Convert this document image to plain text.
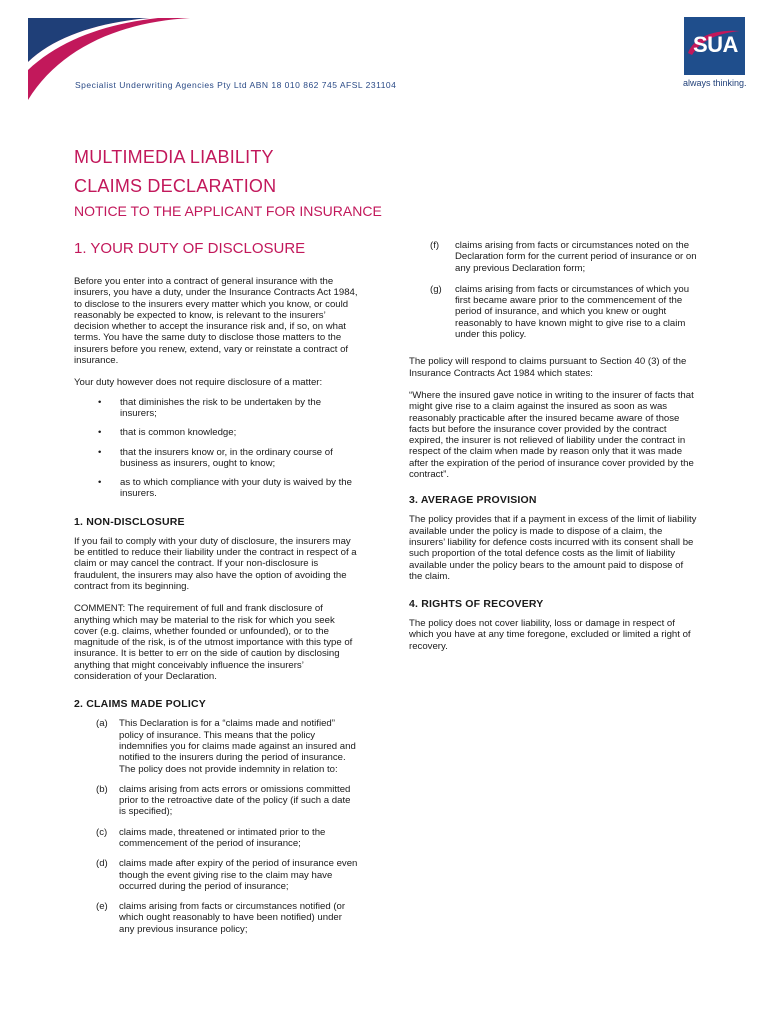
Specialist Underwriting Agencies Pty Ltd ABN 18 010 862 745 AFSL 231104
SUA
always thinking.
MULTIMEDIA LIABILITY
CLAIMS DECLARATION
NOTICE TO THE APPLICANT FOR INSURANCE
1. YOUR DUTY OF DISCLOSURE

Before you enter into a contract of general insurance with the insurers, you have a duty, under the Insurance Contracts Act 1984, to disclose to the insurers every matter which you know, or could reasonably be expected to know, is relevant to the insurers’ decision whether to accept the insurance risk and, if so, on what terms. You have the same duty to disclose those matters to the insurers before you renew, extend, vary or reinstate a contract of insurance.

Your duty however does not require disclosure of a matter:

• that diminishes the risk to be undertaken by the insurers;
• that is common knowledge;
• that the insurers know or, in the ordinary course of business as insurers, ought to know;
• as to which compliance with your duty is waived by the insurers.
1. NON-DISCLOSURE

If you fail to comply with your duty of disclosure, the insurers may be entitled to reduce their liability under the contract in respect of a claim or may cancel the contract. If your non-disclosure is fraudulent, the insurers may also have the option of avoiding the contract from its beginning.

COMMENT: The requirement of full and frank disclosure of anything which may be material to the risk for which you seek cover (e.g. claims, whether founded or unfounded), or to the magnitude of the risk, is of the utmost importance with this type of insurance. It is better to err on the side of caution by disclosing anything that might conceivably influence the insurers’ consideration of your Declaration.

2. CLAIMS MADE POLICY
(a)	This Declaration is for a “claims made and notified” policy of insurance. This means that the policy indemnifies you for claims made against an insured and notified to the insurers during the period of insurance. The policy does not provide indemnity in relation to:
(b)	claims arising from acts errors or omissions committed prior to the retroactive date of the policy (if such a date is specified);
(c)	claims made, threatened or intimated prior to the commencement of the period of insurance;
(d)	claims made after expiry of the period of insurance even though the event giving rise to the claim may have occurred during the period of insurance;
(e)	claims arising from facts or circumstances notified (or which ought reasonably to have been notified) under any previous insurance policy;
(f)	claims arising from facts or circumstances noted on the Declaration form for the current period of insurance or on any previous Declaration form;
(g)	claims arising from facts or circumstances of which you first became aware prior to the commencement of the period of insurance, and which you knew or ought reasonably to have known might to give rise to a claim under this policy.

The policy will respond to claims pursuant to Section 40 (3) of the Insurance Contracts Act 1984 which states:

“Where the insured gave notice in writing to the insurer of facts that might give rise to a claim against the insured as soon as was reasonably practicable after the insured became aware of those facts but before the insurance cover provided by the contract expired, the insurer is not relieved of liability under the contract in respect of the claim when made by reason only that it was made after the expiration of the period of insurance cover provided by the contract”.

3. AVERAGE PROVISION

The policy provides that if a payment in excess of the limit of liability available under the policy is made to dispose of a claim, the insurers’ liability for defence costs incurred with its consent shall be such proportion of the total defence costs as the limit of liability available under the policy bears to the amount paid to dispose of the claim.

4. RIGHTS OF RECOVERY

The policy does not cover liability, loss or damage in respect of which you have at any time foregone, excluded or limited a right of recovery.
